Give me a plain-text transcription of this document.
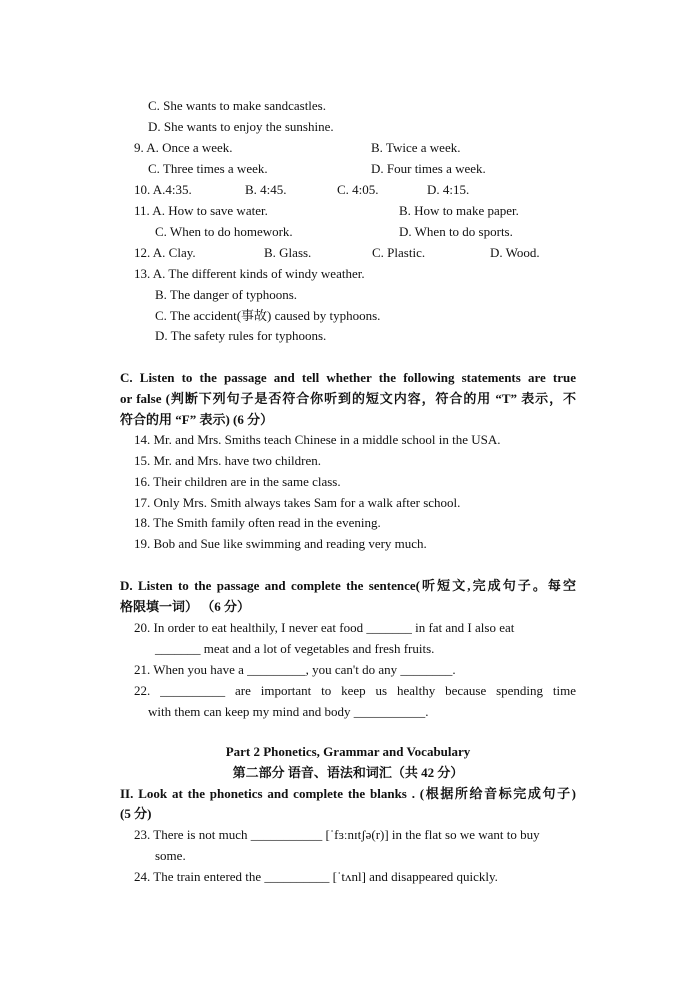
C. She wants to make sandcastles.
D. She wants to enjoy the sunshine.
9. A. Once a week.	B. Twice a week.
C. Three times a week.	D. Four times a week.
10. A.4:35.	B. 4:45.	C. 4:05.	D. 4:15.
11. A. How to save water.	B. How to make paper.
C. When to do homework.	D. When to do sports.
12. A. Clay.	B. Glass.	C. Plastic.	D. Wood.
13. A. The different kinds of windy weather.
B. The danger of typhoons.
C. The accident(事故) caused by typhoons.
D. The safety rules for typhoons.
C. Listen to the passage and tell whether the following statements are true
or false (判断下列句子是否符合你听到的短文内容，符合的用 “T” 表示，不
符合的用 “F” 表示) (6 分）
14. Mr. and Mrs. Smiths teach Chinese in a middle school in the USA.
15. Mr. and Mrs. have two children.
16. Their children are in the same class.
17. Only Mrs. Smith always takes Sam for a walk after school.
18. The Smith family often read in the evening.
19. Bob and Sue like swimming and reading very much.
D. Listen to the passage and complete the sentence(听短文,完成句子。每空
格限填一词） （6 分）
20. In order to eat healthily, I never eat food _______ in fat and I also eat
_______ meat and a lot of vegetables and fresh fruits.
21. When you have a _________, you can't do any ________.
22. __________ are important to keep us healthy because spending time
with them can keep my mind and body ___________.
Part 2 Phonetics, Grammar and Vocabulary
第二部分 语音、语法和词汇（共 42 分）
II. Look at the phonetics and complete the blanks . (根据所给音标完成句子)
(5 分)
23. There is not much ___________ [ˈfɜːnɪtʃə(r)] in the flat so we want to buy
some.
24. The train entered the __________ [ˈtʌnl] and disappeared quickly.
